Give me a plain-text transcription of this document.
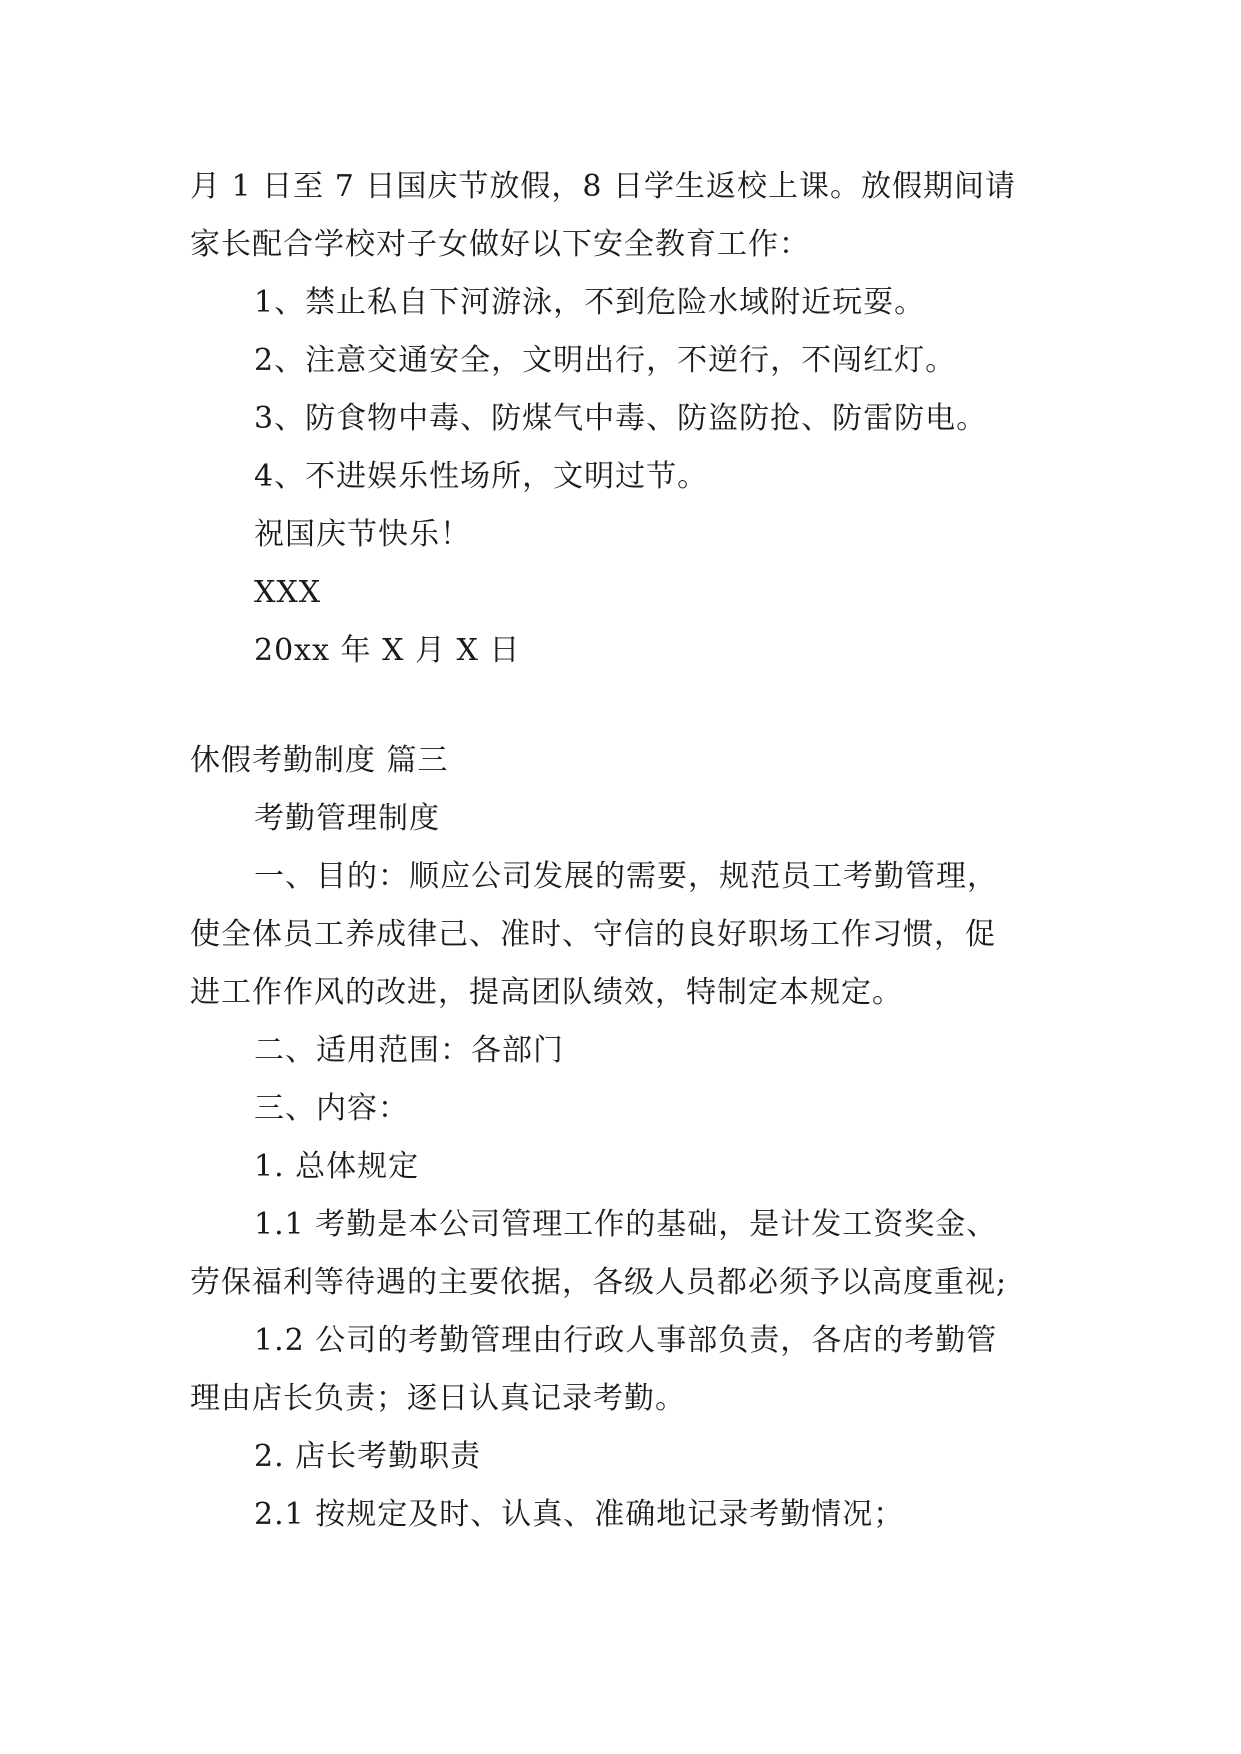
月 1 日至 7 日国庆节放假，8 日学生返校上课。放假期间请
家长配合学校对子女做好以下安全教育工作：
1、禁止私自下河游泳，不到危险水域附近玩耍。
2、注意交通安全，文明出行，不逆行，不闯红灯。
3、防食物中毒、防煤气中毒、防盗防抢、防雷防电。
4、不进娱乐性场所，文明过节。
祝国庆节快乐！
XXX
20xx 年 X 月 X 日
休假考勤制度 篇三
考勤管理制度
一、目的：顺应公司发展的需要，规范员工考勤管理，
使全体员工养成律己、准时、守信的良好职场工作习惯，促
进工作作风的改进，提高团队绩效，特制定本规定。
二、适用范围：各部门
三、内容：
1. 总体规定
1.1 考勤是本公司管理工作的基础，是计发工资奖金、
劳保福利等待遇的主要依据，各级人员都必须予以高度重视;
1.2 公司的考勤管理由行政人事部负责，各店的考勤管
理由店长负责；逐日认真记录考勤。
2. 店长考勤职责
2.1 按规定及时、认真、准确地记录考勤情况；
